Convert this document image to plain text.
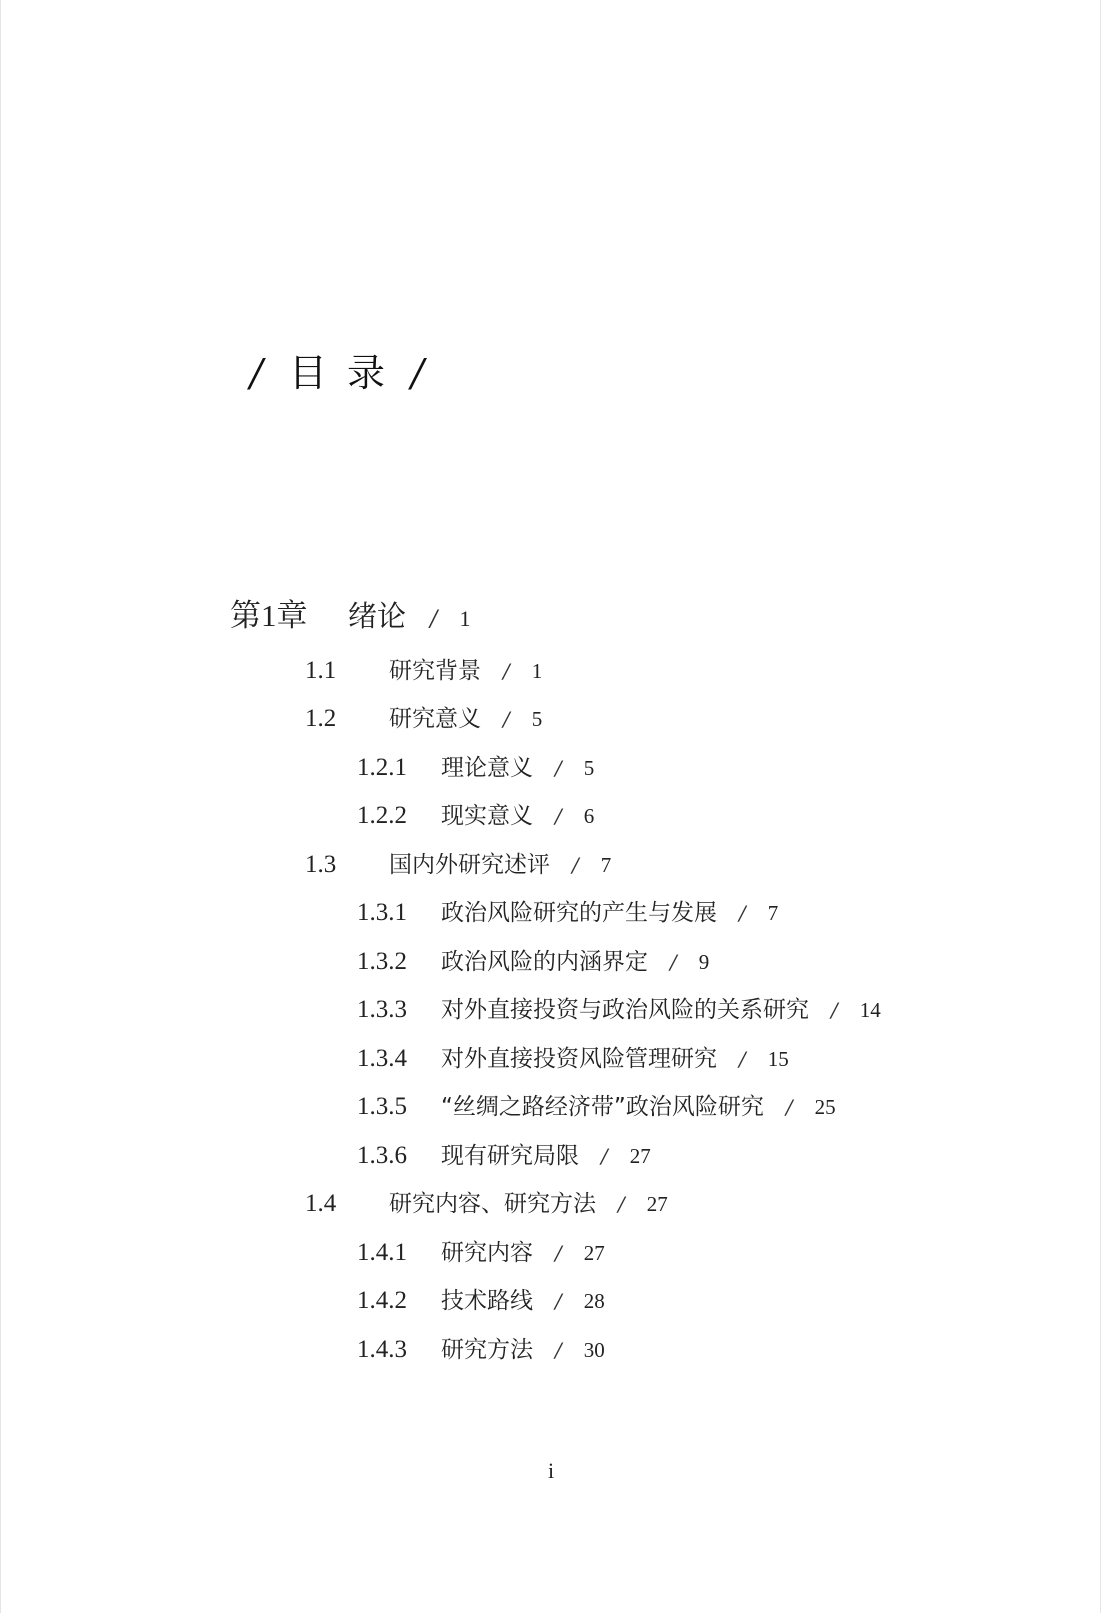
/ 目 录 /
第1章	绪论 / 1
1.1	研究背景 / 1
1.2	研究意义 / 5
1.2.1	理论意义 / 5
1.2.2	现实意义 / 6
1.3	国内外研究述评 / 7
1.3.1	政治风险研究的产生与发展 / 7
1.3.2	政治风险的内涵界定 / 9
1.3.3	对外直接投资与政治风险的关系研究 / 14
1.3.4	对外直接投资风险管理研究 / 15
1.3.5	“丝绸之路经济带”政治风险研究 / 25
1.3.6	现有研究局限 / 27
1.4	研究内容、研究方法 / 27
1.4.1	研究内容 / 27
1.4.2	技术路线 / 28
1.4.3	研究方法 / 30
i
